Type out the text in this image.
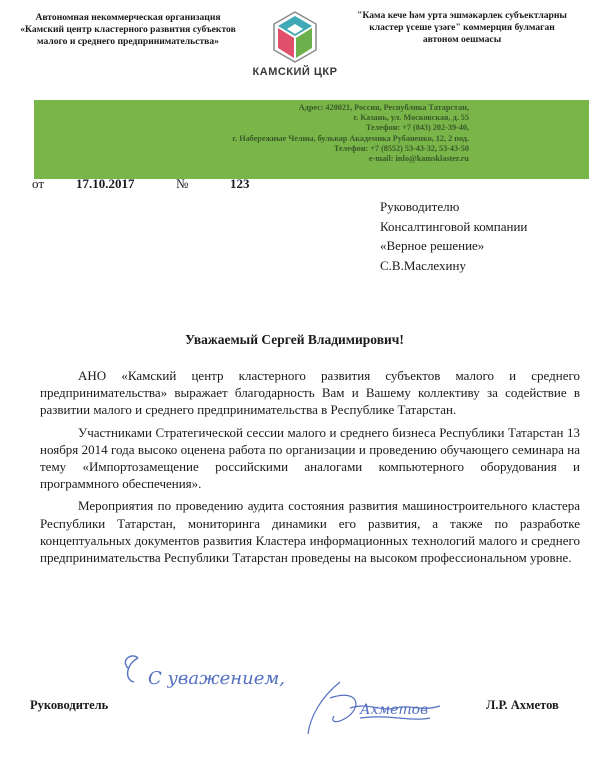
Автономная некоммерческая организация
«Камский центр кластерного развития субъектов
малого и среднего предпринимательства»
КАМСКИЙ ЦКР
"Кама кече һәм урта эшмәкәрлек субъектларны
кластер үсеше үзәге" коммерция булмаган
автоном оешмасы
Адрес: 420021, Россия, Республика Татарстан,
г. Казань, ул. Московская, д. 55
Телефон: +7 (843) 202-39-40,
г. Набережные Челны, бульвар Академика Рубаненко, 12, 2 под.
Телефон: +7 (8552) 53-43-32, 53-43-50
e-mail: info@kamsklaster.ru
от 17.10.2017	№	123
Руководителю
Консалтинговой компании
«Верное решение»
С.В.Маслехину
Уважаемый Сергей Владимирович!

АНО «Камский центр кластерного развития субъектов малого и среднего предпринимательства» выражает благодарность Вам и Вашему коллективу за содействие в развитии малого и среднего предпринимательства в Республике Татарстан.

Участниками Стратегической сессии малого и среднего бизнеса Республики Татарстан 13 ноября 2014 года высоко оценена работа по организации и проведению обучающего семинара на тему «Импортозамещение российскими аналогами компьютерного оборудования и программного обеспечения».

Мероприятия по проведению аудита состояния развития машиностроительного кластера Республики Татарстан, мониторинга динамики его развития, а также по разработке концептуальных документов развития Кластера информационных технологий малого и среднего предпринимательства Республики Татарстан проведены на высоком профессиональном уровне.

С уважением,
Руководитель	Ахметов	Л.Р. Ахметов
